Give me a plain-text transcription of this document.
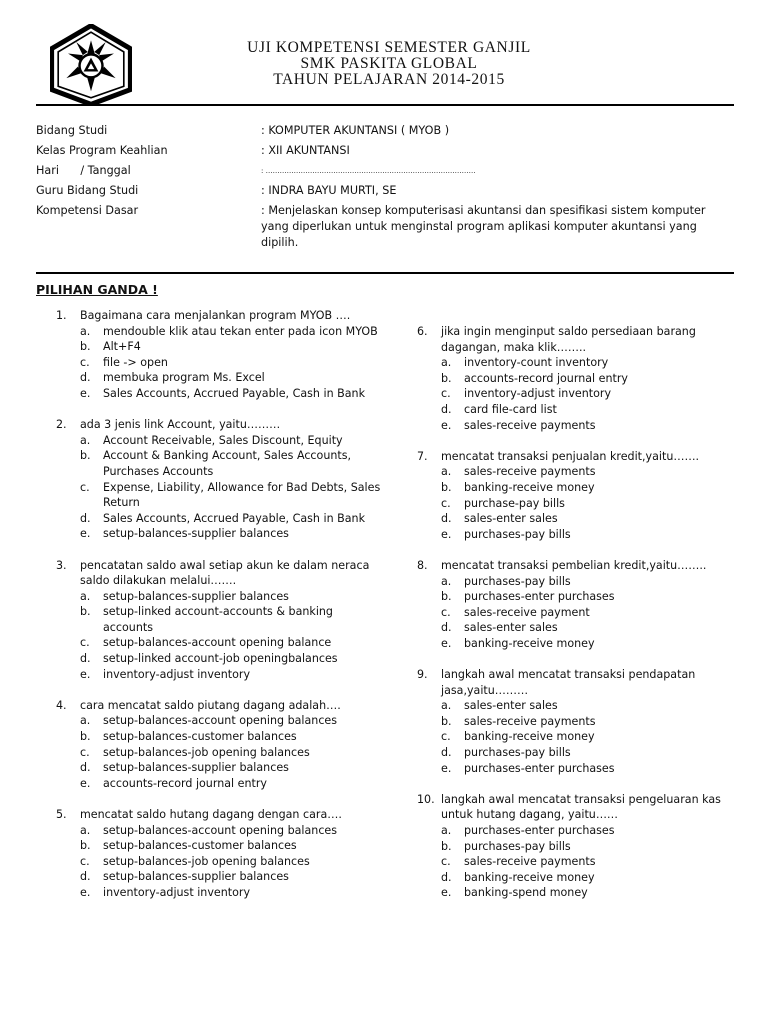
UJI KOMPETENSI SEMESTER GANJIL
SMK PASKITA GLOBAL
TAHUN PELAJARAN 2014-2015
Bidang Studi	: KOMPUTER AKUNTANSI ( MYOB )
Kelas Program Keahlian	: XII AKUNTANSI
Hari      / Tanggal	: ………………………………………………………………………………
Guru Bidang Studi	: INDRA BAYU MURTI, SE
Kompetensi Dasar	: Menjelaskan konsep komputerisasi akuntansi dan spesifikasi sistem komputer yang diperlukan untuk menginstal program aplikasi komputer akuntansi yang dipilih.
PILIHAN GANDA !
1. Bagaimana cara menjalankan program MYOB ….
a. mendouble klik atau tekan enter pada icon MYOB
b. Alt+F4
c. file -> open
d. membuka program Ms. Excel
e. Sales Accounts, Accrued Payable, Cash in Bank
2. ada 3 jenis link Account, yaitu………
a. Account Receivable, Sales Discount, Equity
b. Account & Banking Account, Sales Accounts, Purchases Accounts
c. Expense, Liability, Allowance for Bad Debts, Sales Return
d. Sales Accounts, Accrued Payable, Cash in Bank
e. setup-balances-supplier balances
3. pencatatan saldo awal setiap akun ke dalam neraca saldo dilakukan melalui…….
a. setup-balances-supplier balances
b. setup-linked account-accounts & banking accounts
c. setup-balances-account opening balance
d. setup-linked account-job openingbalances
e. inventory-adjust inventory
4. cara mencatat saldo piutang dagang adalah….
a. setup-balances-account opening balances
b. setup-balances-customer balances
c. setup-balances-job opening balances
d. setup-balances-supplier balances
e. accounts-record journal entry
5. mencatat saldo hutang dagang dengan cara….
a. setup-balances-account opening balances
b. setup-balances-customer balances
c. setup-balances-job opening balances
d. setup-balances-supplier balances
e. inventory-adjust inventory
6. jika ingin menginput saldo persediaan barang dagangan, maka klik……..
a. inventory-count inventory
b. accounts-record journal entry
c. inventory-adjust inventory
d. card file-card list
e. sales-receive payments
7. mencatat transaksi penjualan kredit,yaitu…….
a. sales-receive payments
b. banking-receive money
c. purchase-pay bills
d. sales-enter sales
e. purchases-pay bills
8. mencatat transaksi pembelian kredit,yaitu……..
a. purchases-pay bills
b. purchases-enter purchases
c. sales-receive payment
d. sales-enter sales
e. banking-receive money
9. langkah awal mencatat transaksi pendapatan jasa,yaitu………
a. sales-enter sales
b. sales-receive payments
c. banking-receive money
d. purchases-pay bills
e. purchases-enter purchases
10. langkah awal mencatat transaksi pengeluaran kas untuk hutang dagang, yaitu……
a. purchases-enter purchases
b. purchases-pay bills
c. sales-receive payments
d. banking-receive money
e. banking-spend money
